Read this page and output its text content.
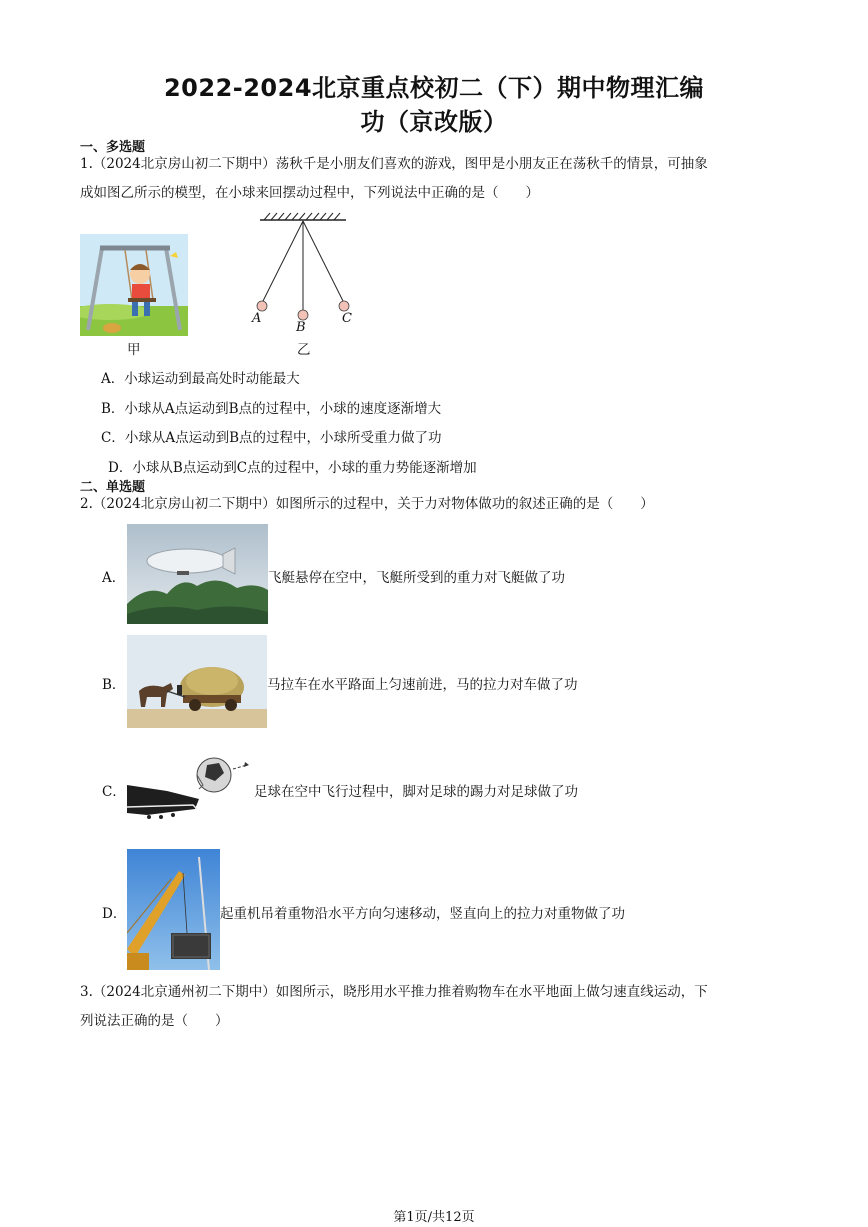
2022-2024北京重点校初二（下）期中物理汇编
功（京改版）
一、多选题
1.（2024北京房山初二下期中）荡秋千是小朋友们喜欢的游戏，图甲是小朋友正在荡秋千的情景，可抽象
成如图乙所示的模型，在小球来回摆动过程中，下列说法中正确的是（　　）
甲
A
B
C
乙
A．小球运动到最高处时动能最大
B．小球从A点运动到B点的过程中，小球的速度逐渐增大
C．小球从A点运动到B点的过程中，小球所受重力做了功
D．小球从B点运动到C点的过程中，小球的重力势能逐渐增加
二、单选题
2.（2024北京房山初二下期中）如图所示的过程中，关于力对物体做功的叙述正确的是（　　）
A．	飞艇悬停在空中，飞艇所受到的重力对飞艇做了功
B．	马拉车在水平路面上匀速前进，马的拉力对车做了功
C．	足球在空中飞行过程中，脚对足球的踢力对足球做了功
D．	起重机吊着重物沿水平方向匀速移动，竖直向上的拉力对重物做了功
3.（2024北京通州初二下期中）如图所示，晓彤用水平推力推着购物车在水平地面上做匀速直线运动，下
列说法正确的是（　　）
第1页/共12页
